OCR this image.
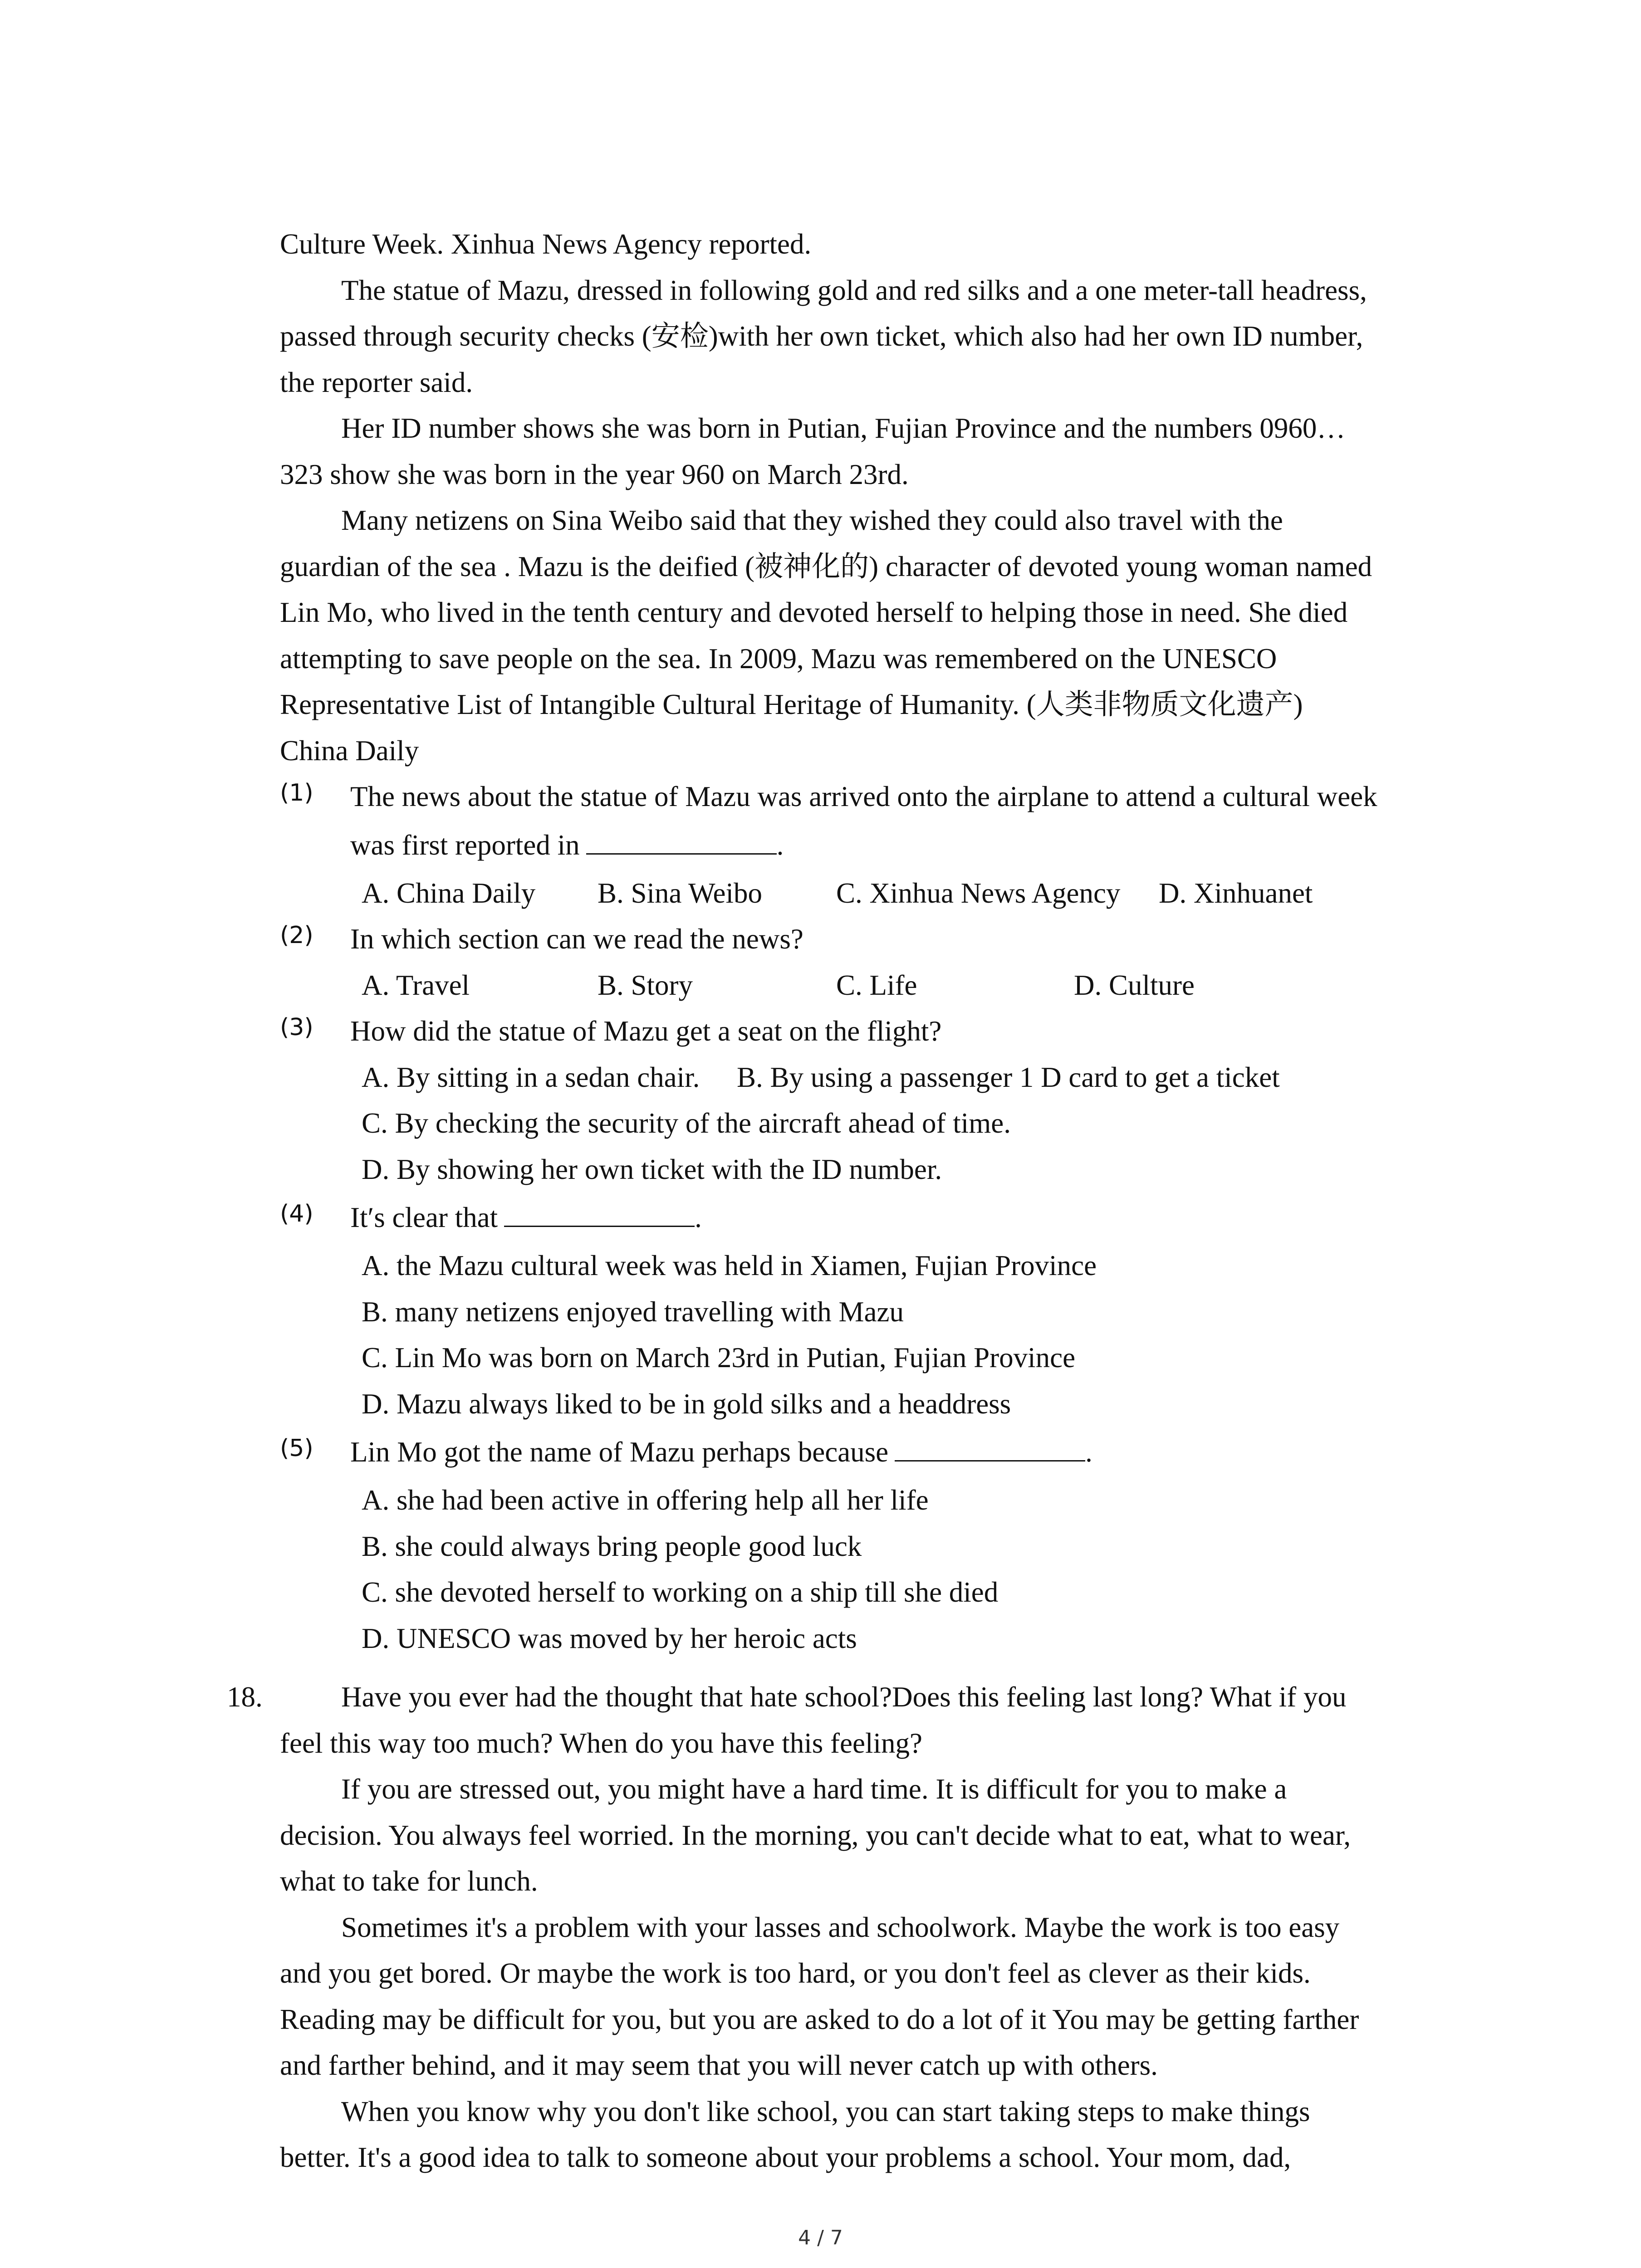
Culture Week. Xinhua News Agency reported.
The statue of Mazu, dressed in following gold and red silks and a one meter-tall headress,
passed through security checks (安检)with her own ticket, which also had her own ID number,
the reporter said.
Her ID number shows she was born in Putian, Fujian Province and the numbers 0960…
323 show she was born in the year 960 on March 23rd.
Many netizens on Sina Weibo said that they wished they could also travel with the
guardian of the sea . Mazu is the deified (被神化的) character of devoted young woman named
Lin Mo, who lived in the tenth century and devoted herself to helping those in need. She died
attempting to save people on the sea. In 2009, Mazu was remembered on the UNESCO
Representative List of Intangible Cultural Heritage of Humanity. (人类非物质文化遗产)
China Daily
(1) The news about the statue of Mazu was arrived onto the airplane to attend a cultural week
was first reported in	.
A. China Daily B. Sina Weibo	C. Xinhua News Agency D. Xinhuanet
(2) In which section can we read the news?
A. Travel	B. Story	C. Life	D. Culture
(3) How did the statue of Mazu get a seat on the flight?
A. By sitting in a sedan chair. B. By using a passenger 1 D card to get a ticket
C. By checking the security of the aircraft ahead of time.
D. By showing her own ticket with the ID number.
(4) It′s clear that	.
A. the Mazu cultural week was held in Xiamen, Fujian Province
B. many netizens enjoyed travelling with Mazu
C. Lin Mo was born on March 23rd in Putian, Fujian Province
D. Mazu always liked to be in gold silks and a headdress
(5) Lin Mo got the name of Mazu perhaps because	.
A. she had been active in offering help all her life
B. she could always bring people good luck
C. she devoted herself to working on a ship till she died
D. UNESCO was moved by her heroic acts
18.	Have you ever had the thought that hate school?Does this feeling last long? What if you
feel this way too much? When do you have this feeling?
If you are stressed out, you might have a hard time. It is difficult for you to make a
decision. You always feel worried. In the morning, you can't decide what to eat, what to wear,
what to take for lunch.
Sometimes it's a problem with your lasses and schoolwork. Maybe the work is too easy
and you get bored. Or maybe the work is too hard, or you don't feel as clever as their kids.
Reading may be difficult for you, but you are asked to do a lot of it You may be getting farther
and farther behind, and it may seem that you will never catch up with others.
When you know why you don't like school, you can start taking steps to make things
better. It's a good idea to talk to someone about your problems a school. Your mom, dad,
4 / 7
